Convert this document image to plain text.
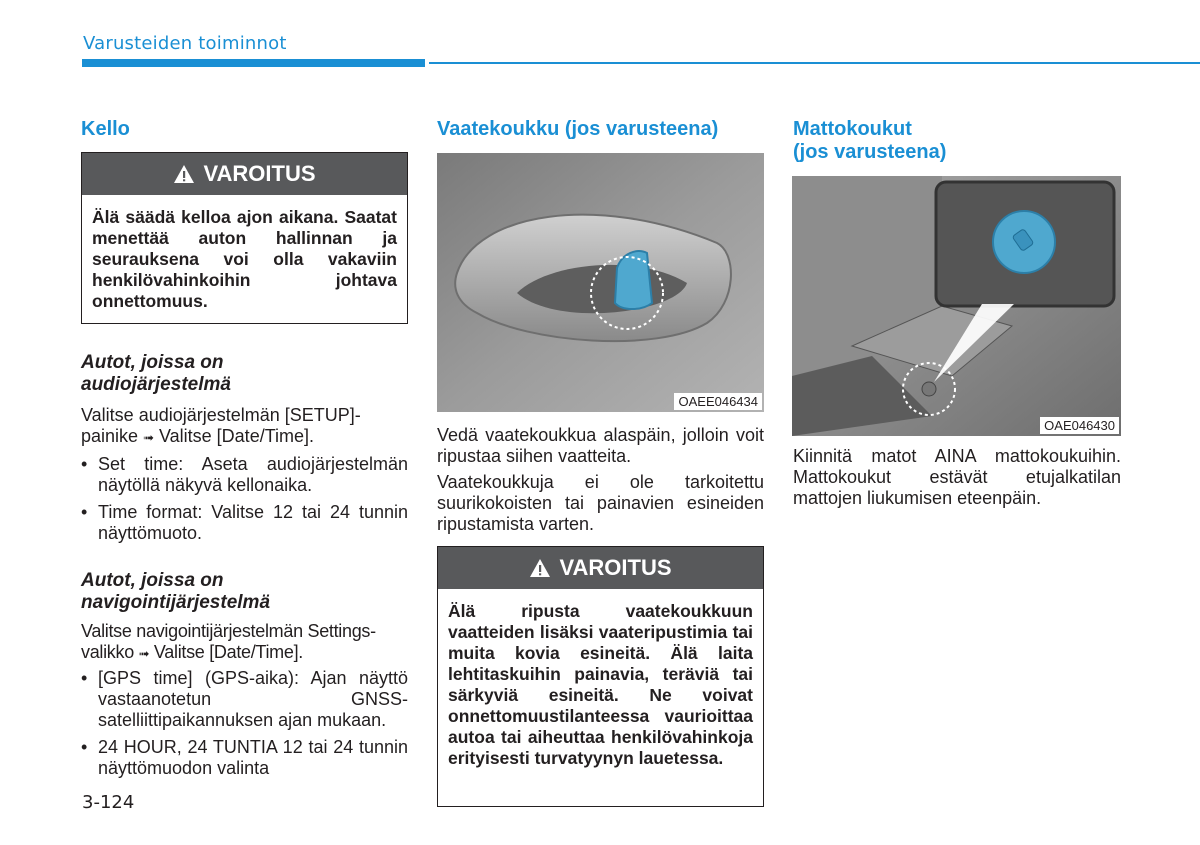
Varusteiden toiminnot
Kello
VAROITUS
Älä säädä kelloa ajon aikana. Saatat menettää auton hallinnan ja seurauksena voi olla vakaviin henkilövahinkoihin johtava onnettomuus.

Autot, joissa on
audiojärjestelmä

Valitse audiojärjestelmän [SETUP]-painike ➟ Valitse [Date/Time].

• Set time: Aseta audiojärjestelmän näytöllä näkyvä kellonaika.
• Time format: Valitse 12 tai 24 tunnin näyttömuoto.

Autot, joissa on
navigointijärjestelmä

Valitse navigointijärjestelmän Settings-valikko ➟ Valitse [Date/Time].

• [GPS time] (GPS-aika): Ajan näyttö vastaanotetun GNSS-satelliittipaikannuksen ajan mukaan.
• 24 HOUR, 24 TUNTIA 12 tai 24 tunnin näyttömuodon valinta
Vaatekoukku (jos varusteena)
OAEE046434

Vedä vaatekoukkua alaspäin, jolloin voit ripustaa siihen vaatteita.

Vaatekoukkuja ei ole tarkoitettu suurikokoisten tai painavien esineiden ripustamista varten.

VAROITUS
Älä ripusta vaatekoukkuun vaatteiden lisäksi vaateripustimia tai muita kovia esineitä. Älä laita lehtitaskuihin painavia, teräviä tai särkyviä esineitä. Ne voivat onnettomuustilanteessa vaurioittaa autoa tai aiheuttaa henkilövahinkoja erityisesti turvatyynyn lauetessa.
Mattokoukut
(jos varusteena)
OAE046430

Kiinnitä matot AINA mattokoukuihin. Mattokoukut estävät etujalkatilan mattojen liukumisen eteenpäin.

3-124
